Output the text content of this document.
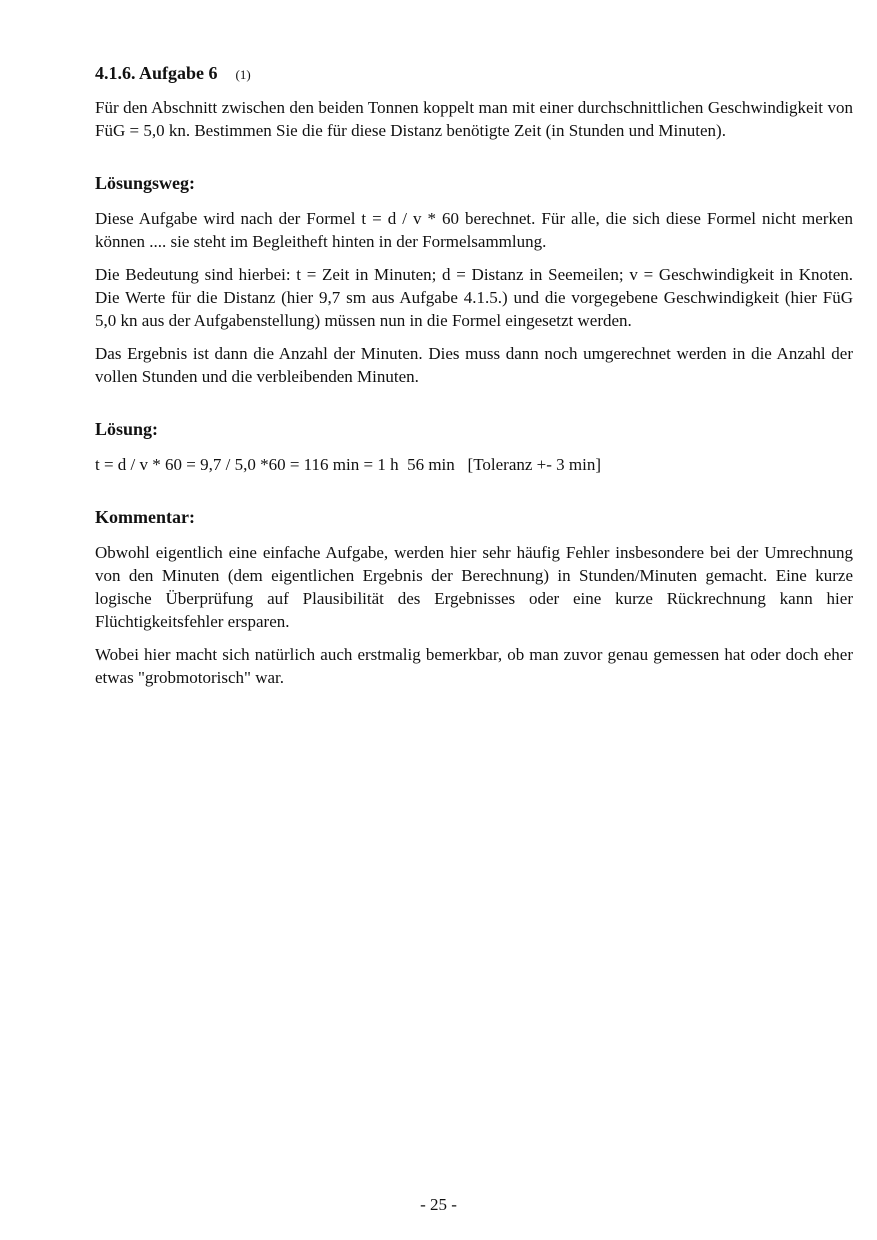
4.1.6. Aufgabe 6 (1)

Für den Abschnitt zwischen den beiden Tonnen koppelt man mit einer durchschnittlichen Geschwindigkeit von FüG = 5,0 kn. Bestimmen Sie die für diese Distanz benötigte Zeit (in Stunden und Minuten).

Lösungsweg:

Diese Aufgabe wird nach der Formel t = d / v * 60 berechnet. Für alle, die sich diese Formel nicht merken können .... sie steht im Begleitheft hinten in der Formelsammlung.

Die Bedeutung sind hierbei: t = Zeit in Minuten; d = Distanz in Seemeilen; v = Geschwindigkeit in Knoten. Die Werte für die Distanz (hier 9,7 sm aus Aufgabe 4.1.5.) und die vorgegebene Geschwindigkeit (hier FüG 5,0 kn aus der Aufgabenstellung) müssen nun in die Formel eingesetzt werden.

Das Ergebnis ist dann die Anzahl der Minuten. Dies muss dann noch umgerechnet werden in die Anzahl der vollen Stunden und die verbleibenden Minuten.

Lösung:

t = d / v * 60 = 9,7 / 5,0 *60 = 116 min = 1 h  56 min   [Toleranz +- 3 min]

Kommentar:

Obwohl eigentlich eine einfache Aufgabe, werden hier sehr häufig Fehler insbesondere bei der Umrechnung von den Minuten (dem eigentlichen Ergebnis der Berechnung) in Stunden/Minuten gemacht. Eine kurze logische Überprüfung auf Plausibilität des Ergebnisses oder eine kurze Rückrechnung kann hier Flüchtigkeitsfehler ersparen.

Wobei hier macht sich natürlich auch erstmalig bemerkbar, ob man zuvor genau gemessen hat oder doch eher etwas "grobmotorisch" war.

- 25 -
